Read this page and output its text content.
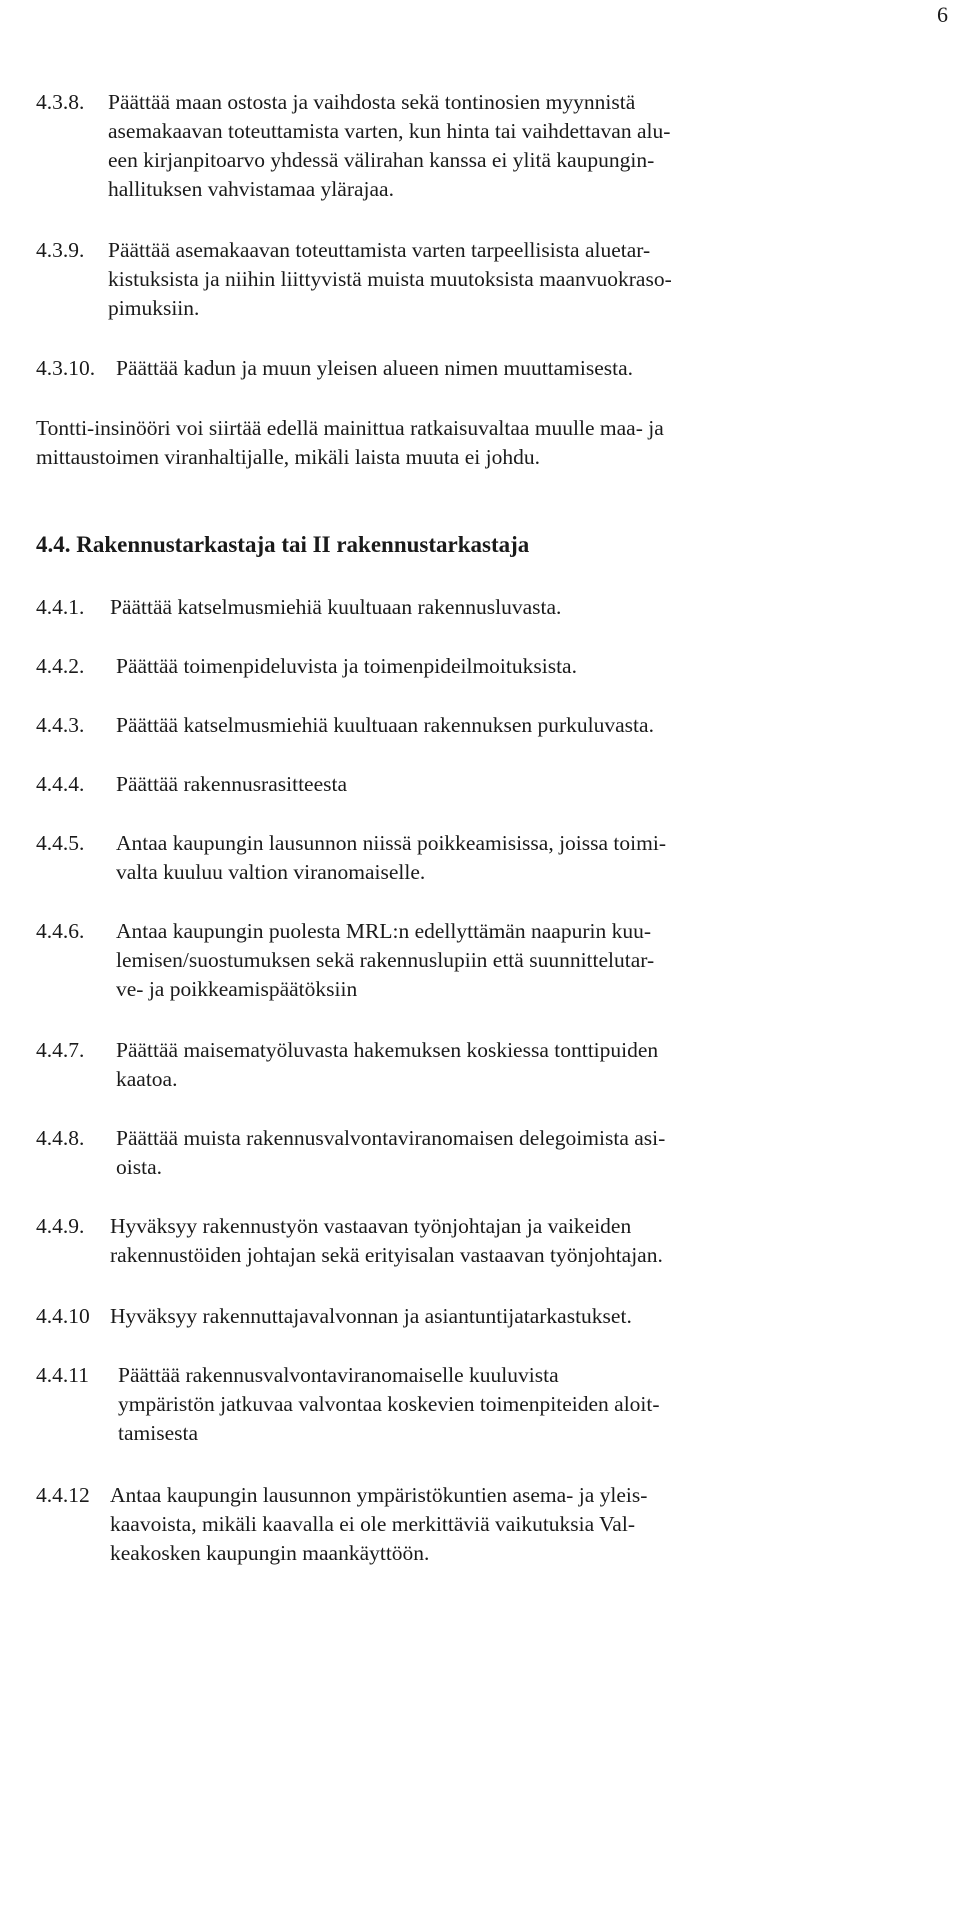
6
4.3.8. Päättää maan ostosta ja vaihdosta sekä tontinosien myynnistä
asemakaavan toteuttamista varten, kun hinta tai vaihdettavan alu-
een kirjanpitoarvo yhdessä välirahan kanssa ei ylitä kaupungin-
hallituksen vahvistamaa ylärajaa.
4.3.9. Päättää asemakaavan toteuttamista varten tarpeellisista aluetar-
kistuksista ja niihin liittyvistä muista muutoksista maanvuokraso-
pimuksiin.
4.3.10. Päättää kadun ja muun yleisen alueen nimen muuttamisesta.
Tontti-insinööri voi siirtää edellä mainittua ratkaisuvaltaa muulle maa- ja
mittaustoimen viranhaltijalle, mikäli laista muuta ei johdu.
4.4. Rakennustarkastaja tai II rakennustarkastaja
4.4.1. Päättää katselmusmiehiä kuultuaan rakennusluvasta.
4.4.2. Päättää toimenpideluvista ja toimenpideilmoituksista.
4.4.3. Päättää katselmusmiehiä kuultuaan rakennuksen purkuluvasta.
4.4.4. Päättää rakennusrasitteesta
4.4.5. Antaa kaupungin lausunnon niissä poikkeamisissa, joissa toimi-
valta kuuluu valtion viranomaiselle.
4.4.6. Antaa kaupungin puolesta MRL:n edellyttämän naapurin kuu-
lemisen/suostumuksen sekä rakennuslupiin että suunnittelutar-
ve- ja poikkeamispäätöksiin
4.4.7. Päättää maisematyöluvasta hakemuksen koskiessa tonttipuiden
kaatoa.
4.4.8. Päättää muista rakennusvalvontaviranomaisen delegoimista asi-
oista.
4.4.9. Hyväksyy rakennustyön vastaavan työnjohtajan ja vaikeiden
rakennustöiden johtajan sekä erityisalan vastaavan työnjohtajan.
4.4.10 Hyväksyy rakennuttajavalvonnan ja asiantuntijatarkastukset.
4.4.11 Päättää rakennusvalvontaviranomaiselle kuuluvista
ympäristön jatkuvaa valvontaa koskevien toimenpiteiden aloit-
tamisesta
4.4.12 Antaa kaupungin lausunnon ympäristökuntien asema- ja yleis-
kaavoista, mikäli kaavalla ei ole merkittäviä vaikutuksia Val-
keakosken kaupungin maankäyttöön.
